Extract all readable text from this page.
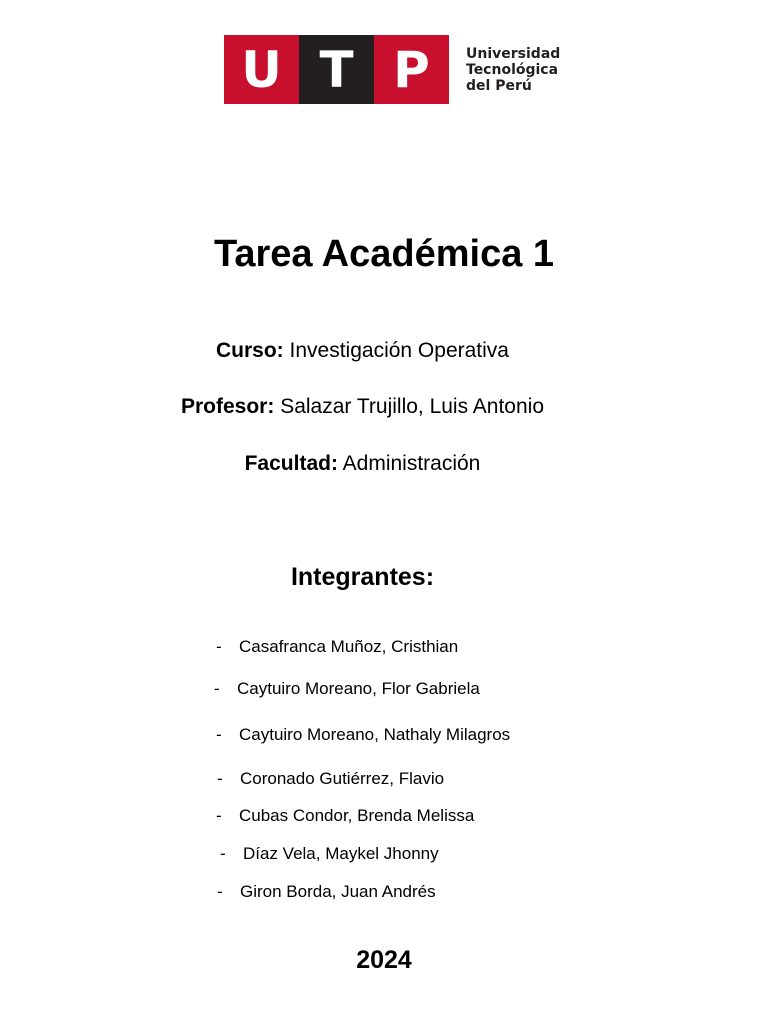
U T P	Universidad
Tecnológica
del Perú
Tarea Académica 1
Curso: Investigación Operativa
Profesor: Salazar Trujillo, Luis Antonio
Facultad: Administración
Integrantes:
- Casafranca Muñoz, Cristhian
- Caytuiro Moreano, Flor Gabriela
- Caytuiro Moreano, Nathaly Milagros
- Coronado Gutiérrez, Flavio
- Cubas Condor, Brenda Melissa
- Díaz Vela, Maykel Jhonny
- Giron Borda, Juan Andrés
2024
